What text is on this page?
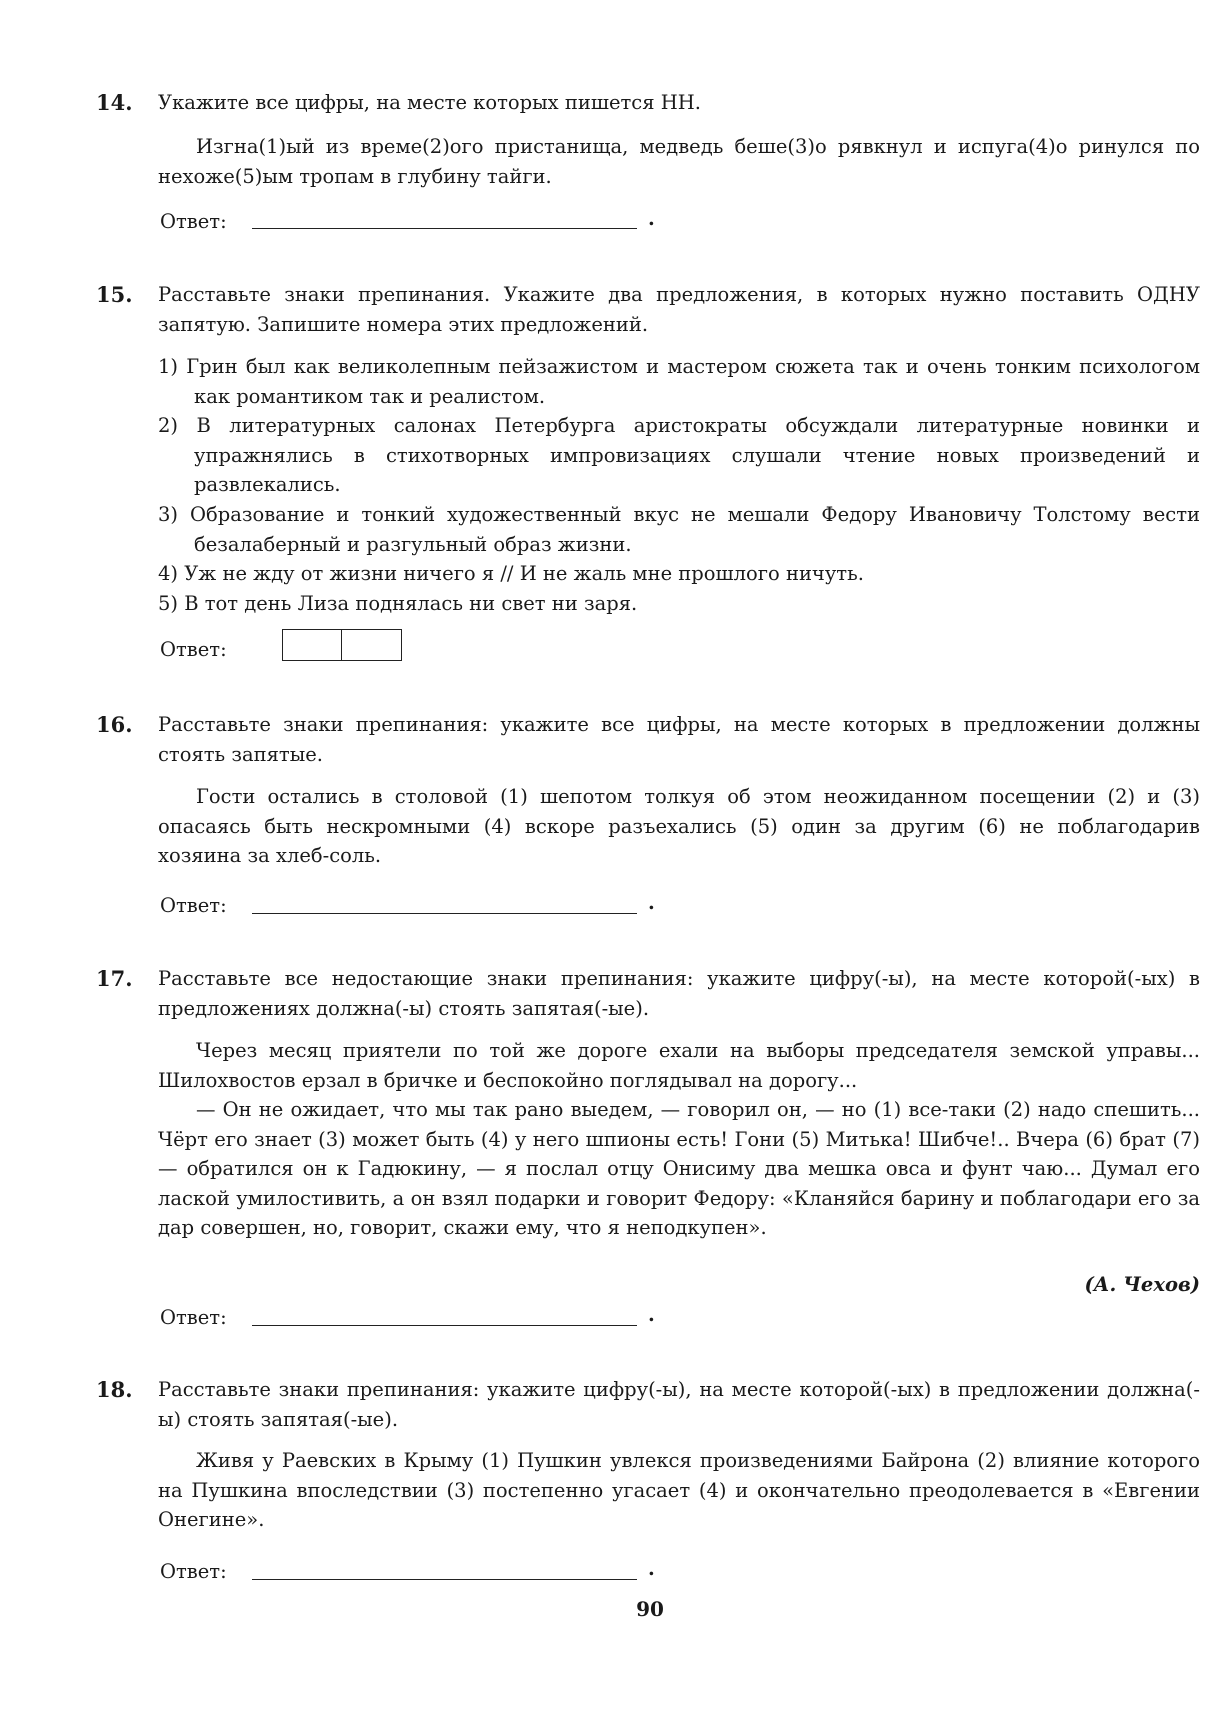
14. Укажите все цифры, на месте которых пишется НН.
Изгна(1)ый из време(2)ого пристанища, медведь беше(3)о рявкнул и испуга(4)о ринулся по нехоже(5)ым тропам в глубину тайги.
Ответ:	.
15. Расставьте знаки препинания. Укажите два предложения, в которых нужно поставить ОДНУ запятую. Запишите номера этих предложений.
1) Грин был как великолепным пейзажистом и мастером сюжета так и очень тонким психологом как романтиком так и реалистом.
2) В литературных салонах Петербурга аристократы обсуждали литературные новинки и упражнялись в стихотворных импровизациях слушали чтение новых произведений и развлекались.
3) Образование и тонкий художественный вкус не мешали Федору Ивановичу Толстому вести безалаберный и разгульный образ жизни.
4) Уж не жду от жизни ничего я // И не жаль мне прошлого ничуть.
5) В тот день Лиза поднялась ни свет ни заря.
Ответ:
16. Расставьте знаки препинания: укажите все цифры, на месте которых в предложении должны стоять запятые.
Гости остались в столовой (1) шепотом толкуя об этом неожиданном посещении (2) и (3) опасаясь быть нескромными (4) вскоре разъехались (5) один за другим (6) не поблагодарив хозяина за хлеб-соль.
Ответ:	.
17. Расставьте все недостающие знаки препинания: укажите цифру(-ы), на месте которой(-ых) в предложениях должна(-ы) стоять запятая(-ые).
Через месяц приятели по той же дороге ехали на выборы председателя земской управы... Шилохвостов ерзал в бричке и беспокойно поглядывал на дорогу...
— Он не ожидает, что мы так рано выедем, — говорил он, — но (1) все-таки (2) надо спешить... Чёрт его знает (3) может быть (4) у него шпионы есть! Гони (5) Митька! Шибче!.. Вчера (6) брат (7) — обратился он к Гадюкину, — я послал отцу Онисиму два мешка овса и фунт чаю... Думал его лаской умилостивить, а он взял подарки и говорит Федору: «Кланяйся барину и поблагодари его за дар совершен, но, говорит, скажи ему, что я неподкупен».
(А. Чехов)
Ответ:	.
18. Расставьте знаки препинания: укажите цифру(-ы), на месте которой(-ых) в предложении должна(-ы) стоять запятая(-ые).
Живя у Раевских в Крыму (1) Пушкин увлекся произведениями Байрона (2) влияние которого на Пушкина впоследствии (3) постепенно угасает (4) и окончательно преодолевается в «Евгении Онегине».
Ответ:	.
90
